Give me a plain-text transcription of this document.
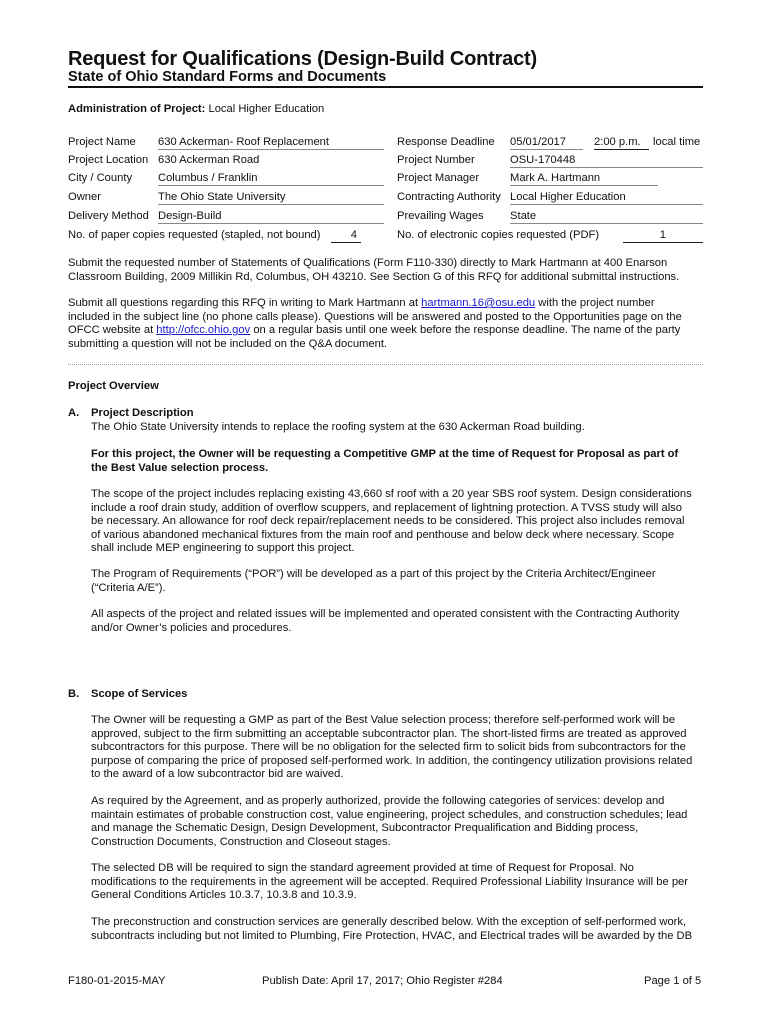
Request for Qualifications (Design-Build Contract)
State of Ohio Standard Forms and Documents
Administration of Project: Local Higher Education
Project Name 630 Ackerman- Roof Replacement	Response Deadline 05/01/2017	2:00 p.m.	local time
Project Location 630 Ackerman Road	Project Number	OSU-170448
City / County Columbus / Franklin	Project Manager	Mark A. Hartmann
Owner	The Ohio State University	Contracting Authority Local Higher Education
Delivery Method Design-Build	Prevailing Wages State
No. of paper copies requested (stapled, not bound)	4	No. of electronic copies requested (PDF)	1
Submit the requested number of Statements of Qualifications (Form F110-330) directly to Mark Hartmann at 400 Enarson
Classroom Building, 2009 Millikin Rd, Columbus, OH 43210. See Section G of this RFQ for additional submittal instructions.
Submit all questions regarding this RFQ in writing to Mark Hartmann at hartmann.16@osu.edu with the project number
included in the subject line (no phone calls please). Questions will be answered and posted to the Opportunities page on the
OFCC website at http://ofcc.ohio.gov on a regular basis until one week before the response deadline. The name of the party
submitting a question will not be included on the Q&A document.
Project Overview
A.	Project Description
The Ohio State University intends to replace the roofing system at the 630 Ackerman Road building.
For this project, the Owner will be requesting a Competitive GMP at the time of Request for Proposal as part of
the Best Value selection process.
The scope of the project includes replacing existing 43,660 sf roof with a 20 year SBS roof system. Design considerations
include a roof drain study, addition of overflow scuppers, and replacement of lightning protection. A TVSS study will also
be necessary. An allowance for roof deck repair/replacement needs to be considered. This project also includes removal
of various abandoned mechanical fixtures from the main roof and penthouse and below deck where necessary. Scope
shall include MEP engineering to support this project.
The Program of Requirements (“POR”) will be developed as a part of this project by the Criteria Architect/Engineer
(“Criteria A/E”).
All aspects of the project and related issues will be implemented and operated consistent with the Contracting Authority
and/or Owner’s policies and procedures.
B.	Scope of Services
The Owner will be requesting a GMP as part of the Best Value selection process; therefore self-performed work will be
approved, subject to the firm submitting an acceptable subcontractor plan. The short-listed firms are treated as approved
subcontractors for this purpose. There will be no obligation for the selected firm to solicit bids from subcontractors for the
purpose of comparing the price of proposed self-performed work. In addition, the contingency utilization provisions related
to the award of a low subcontractor bid are waived.
As required by the Agreement, and as properly authorized, provide the following categories of services: develop and
maintain estimates of probable construction cost, value engineering, project schedules, and construction schedules; lead
and manage the Schematic Design, Design Development, Subcontractor Prequalification and Bidding process,
Construction Documents, Construction and Closeout stages.
The selected DB will be required to sign the standard agreement provided at time of Request for Proposal. No
modifications to the requirements in the agreement will be accepted. Required Professional Liability Insurance will be per
General Conditions Articles 10.3.7, 10.3.8 and 10.3.9.
The preconstruction and construction services are generally described below. With the exception of self-performed work,
subcontracts including but not limited to Plumbing, Fire Protection, HVAC, and Electrical trades will be awarded by the DB
F180-01-2015-MAY	Publish Date: April 17, 2017; Ohio Register #284	Page 1 of 5
